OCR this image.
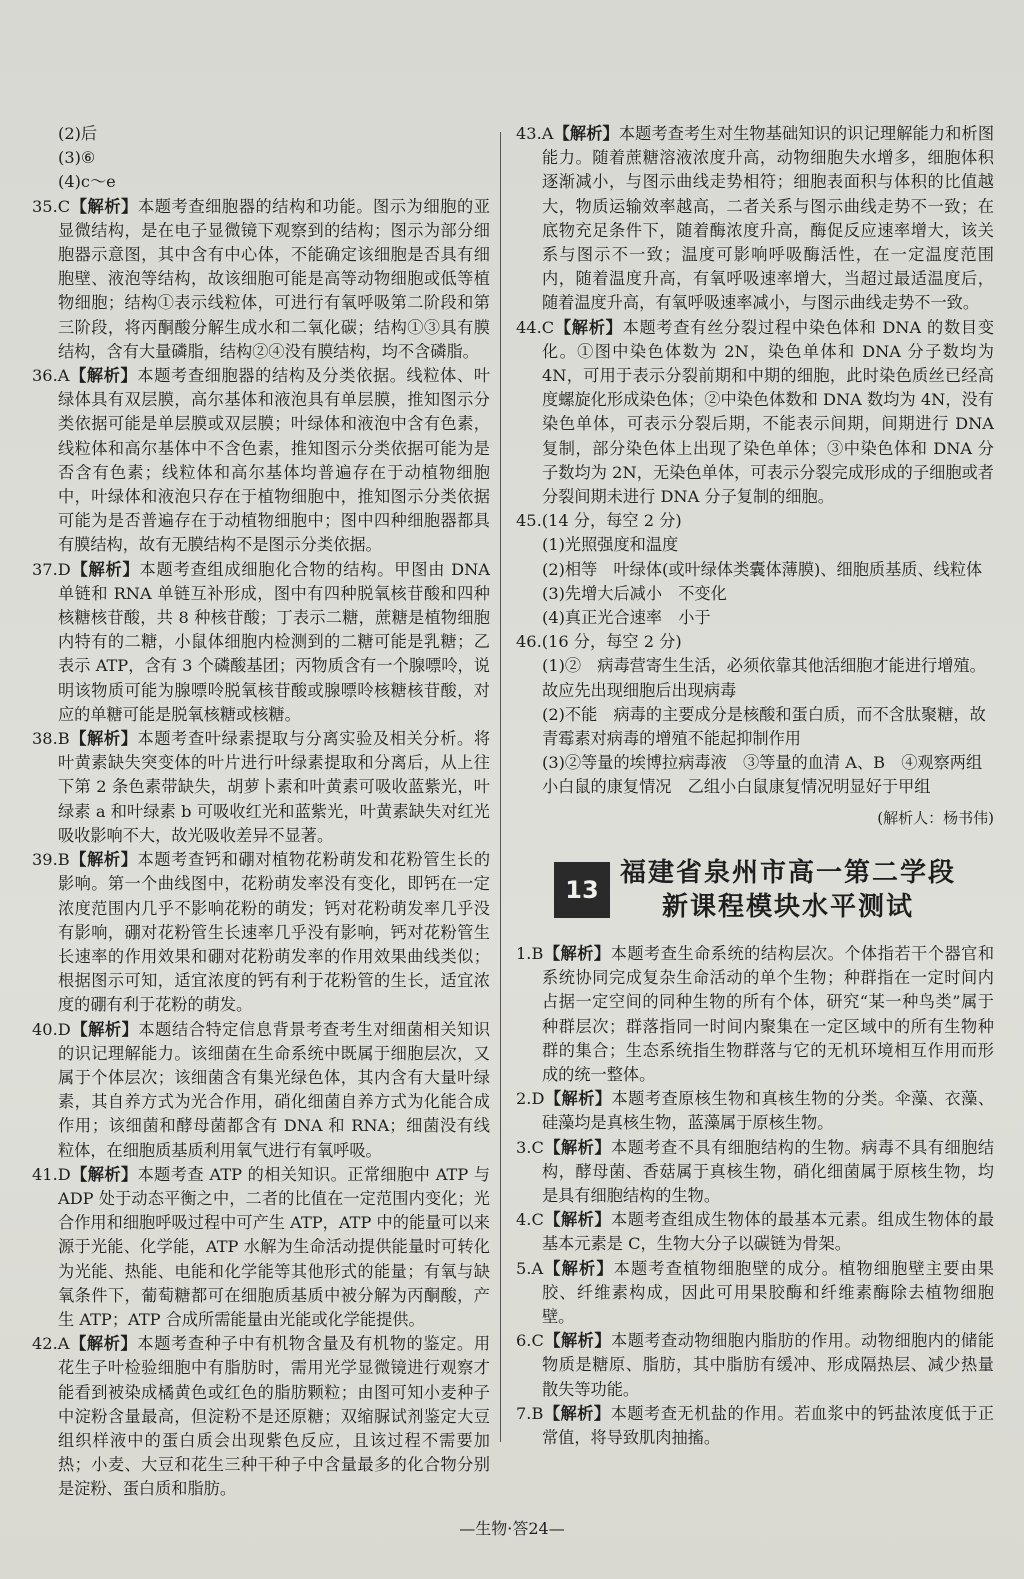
(2)后

(3)⑥

(4)c～e

35.C【解析】本题考查细胞器的结构和功能。图示为细胞的亚显微结构，是在电子显微镜下观察到的结构；图示为部分细胞器示意图，其中含有中心体，不能确定该细胞是否具有细胞壁、液泡等结构，故该细胞可能是高等动物细胞或低等植物细胞；结构①表示线粒体，可进行有氧呼吸第二阶段和第三阶段，将丙酮酸分解生成水和二氧化碳；结构①③具有膜结构，含有大量磷脂，结构②④没有膜结构，均不含磷脂。

36.A【解析】本题考查细胞器的结构及分类依据。线粒体、叶绿体具有双层膜，高尔基体和液泡具有单层膜，推知图示分类依据可能是单层膜或双层膜；叶绿体和液泡中含有色素，线粒体和高尔基体中不含色素，推知图示分类依据可能为是否含有色素；线粒体和高尔基体均普遍存在于动植物细胞中，叶绿体和液泡只存在于植物细胞中，推知图示分类依据可能为是否普遍存在于动植物细胞中；图中四种细胞器都具有膜结构，故有无膜结构不是图示分类依据。

37.D【解析】本题考查组成细胞化合物的结构。甲图由 DNA 单链和 RNA 单链互补形成，图中有四种脱氧核苷酸和四种核糖核苷酸，共 8 种核苷酸；丁表示二糖，蔗糖是植物细胞内特有的二糖，小鼠体细胞内检测到的二糖可能是乳糖；乙表示 ATP，含有 3 个磷酸基团；丙物质含有一个腺嘌呤，说明该物质可能为腺嘌呤脱氧核苷酸或腺嘌呤核糖核苷酸，对应的单糖可能是脱氧核糖或核糖。

38.B【解析】本题考查叶绿素提取与分离实验及相关分析。将叶黄素缺失突变体的叶片进行叶绿素提取和分离后，从上往下第 2 条色素带缺失，胡萝卜素和叶黄素可吸收蓝紫光，叶绿素 a 和叶绿素 b 可吸收红光和蓝紫光，叶黄素缺失对红光吸收影响不大，故光吸收差异不显著。

39.B【解析】本题考查钙和硼对植物花粉萌发和花粉管生长的影响。第一个曲线图中，花粉萌发率没有变化，即钙在一定浓度范围内几乎不影响花粉的萌发；钙对花粉萌发率几乎没有影响，硼对花粉管生长速率几乎没有影响，钙对花粉管生长速率的作用效果和硼对花粉萌发率的作用效果曲线类似；根据图示可知，适宜浓度的钙有利于花粉管的生长，适宜浓度的硼有利于花粉的萌发。

40.D【解析】本题结合特定信息背景考查考生对细菌相关知识的识记理解能力。该细菌在生命系统中既属于细胞层次，又属于个体层次；该细菌含有集光绿色体，其内含有大量叶绿素，其自养方式为光合作用，硝化细菌自养方式为化能合成作用；该细菌和酵母菌都含有 DNA 和 RNA；细菌没有线粒体，在细胞质基质利用氧气进行有氧呼吸。

41.D【解析】本题考查 ATP 的相关知识。正常细胞中 ATP 与 ADP 处于动态平衡之中，二者的比值在一定范围内变化；光合作用和细胞呼吸过程中可产生 ATP，ATP 中的能量可以来源于光能、化学能，ATP 水解为生命活动提供能量时可转化为光能、热能、电能和化学能等其他形式的能量；有氧与缺氧条件下，葡萄糖都可在细胞质基质中被分解为丙酮酸，产生 ATP；ATP 合成所需能量由光能或化学能提供。

42.A【解析】本题考查种子中有机物含量及有机物的鉴定。用花生子叶检验细胞中有脂肪时，需用光学显微镜进行观察才能看到被染成橘黄色或红色的脂肪颗粒；由图可知小麦种子中淀粉含量最高，但淀粉不是还原糖；双缩脲试剂鉴定大豆组织样液中的蛋白质会出现紫色反应，且该过程不需要加热；小麦、大豆和花生三种干种子中含量最多的化合物分别是淀粉、蛋白质和脂肪。

43.A【解析】本题考查考生对生物基础知识的识记理解能力和析图能力。随着蔗糖溶液浓度升高，动物细胞失水增多，细胞体积逐渐减小，与图示曲线走势相符；细胞表面积与体积的比值越大，物质运输效率越高，二者关系与图示曲线走势不一致；在底物充足条件下，随着酶浓度升高，酶促反应速率增大，该关系与图示不一致；温度可影响呼吸酶活性，在一定温度范围内，随着温度升高，有氧呼吸速率增大，当超过最适温度后，随着温度升高，有氧呼吸速率减小，与图示曲线走势不一致。

44.C【解析】本题考查有丝分裂过程中染色体和 DNA 的数目变化。①图中染色体数为 2N，染色单体和 DNA 分子数均为 4N，可用于表示分裂前期和中期的细胞，此时染色质丝已经高度螺旋化形成染色体；②中染色体数和 DNA 数均为 4N，没有染色单体，可表示分裂后期，不能表示间期，间期进行 DNA 复制，部分染色体上出现了染色单体；③中染色体和 DNA 分子数均为 2N，无染色单体，可表示分裂完成形成的子细胞或者分裂间期未进行 DNA 分子复制的细胞。

45.(14 分，每空 2 分)

(1)光照强度和温度

(2)相等　叶绿体(或叶绿体类囊体薄膜)、细胞质基质、线粒体

(3)先增大后减小　不变化

(4)真正光合速率　小于

46.(16 分，每空 2 分)

(1)②　病毒营寄生生活，必须依靠其他活细胞才能进行增殖。故应先出现细胞后出现病毒

(2)不能　病毒的主要成分是核酸和蛋白质，而不含肽聚糖，故青霉素对病毒的增殖不能起抑制作用

(3)②等量的埃博拉病毒液　③等量的血清 A、B　④观察两组小白鼠的康复情况　乙组小白鼠康复情况明显好于甲组

(解析人：杨书伟)

13
福建省泉州市高一第二学段
新课程模块水平测试

1.B【解析】本题考查生命系统的结构层次。个体指若干个器官和系统协同完成复杂生命活动的单个生物；种群指在一定时间内占据一定空间的同种生物的所有个体，研究“某一种鸟类”属于种群层次；群落指同一时间内聚集在一定区域中的所有生物种群的集合；生态系统指生物群落与它的无机环境相互作用而形成的统一整体。

2.D【解析】本题考查原核生物和真核生物的分类。伞藻、衣藻、硅藻均是真核生物，蓝藻属于原核生物。

3.C【解析】本题考查不具有细胞结构的生物。病毒不具有细胞结构，酵母菌、香菇属于真核生物，硝化细菌属于原核生物，均是具有细胞结构的生物。

4.C【解析】本题考查组成生物体的最基本元素。组成生物体的最基本元素是 C，生物大分子以碳链为骨架。

5.A【解析】本题考查植物细胞壁的成分。植物细胞壁主要由果胶、纤维素构成，因此可用果胶酶和纤维素酶除去植物细胞壁。

6.C【解析】本题考查动物细胞内脂肪的作用。动物细胞内的储能物质是糖原、脂肪，其中脂肪有缓冲、形成隔热层、减少热量散失等功能。

7.B【解析】本题考查无机盐的作用。若血浆中的钙盐浓度低于正常值，将导致肌肉抽搐。

—生物·答24—
